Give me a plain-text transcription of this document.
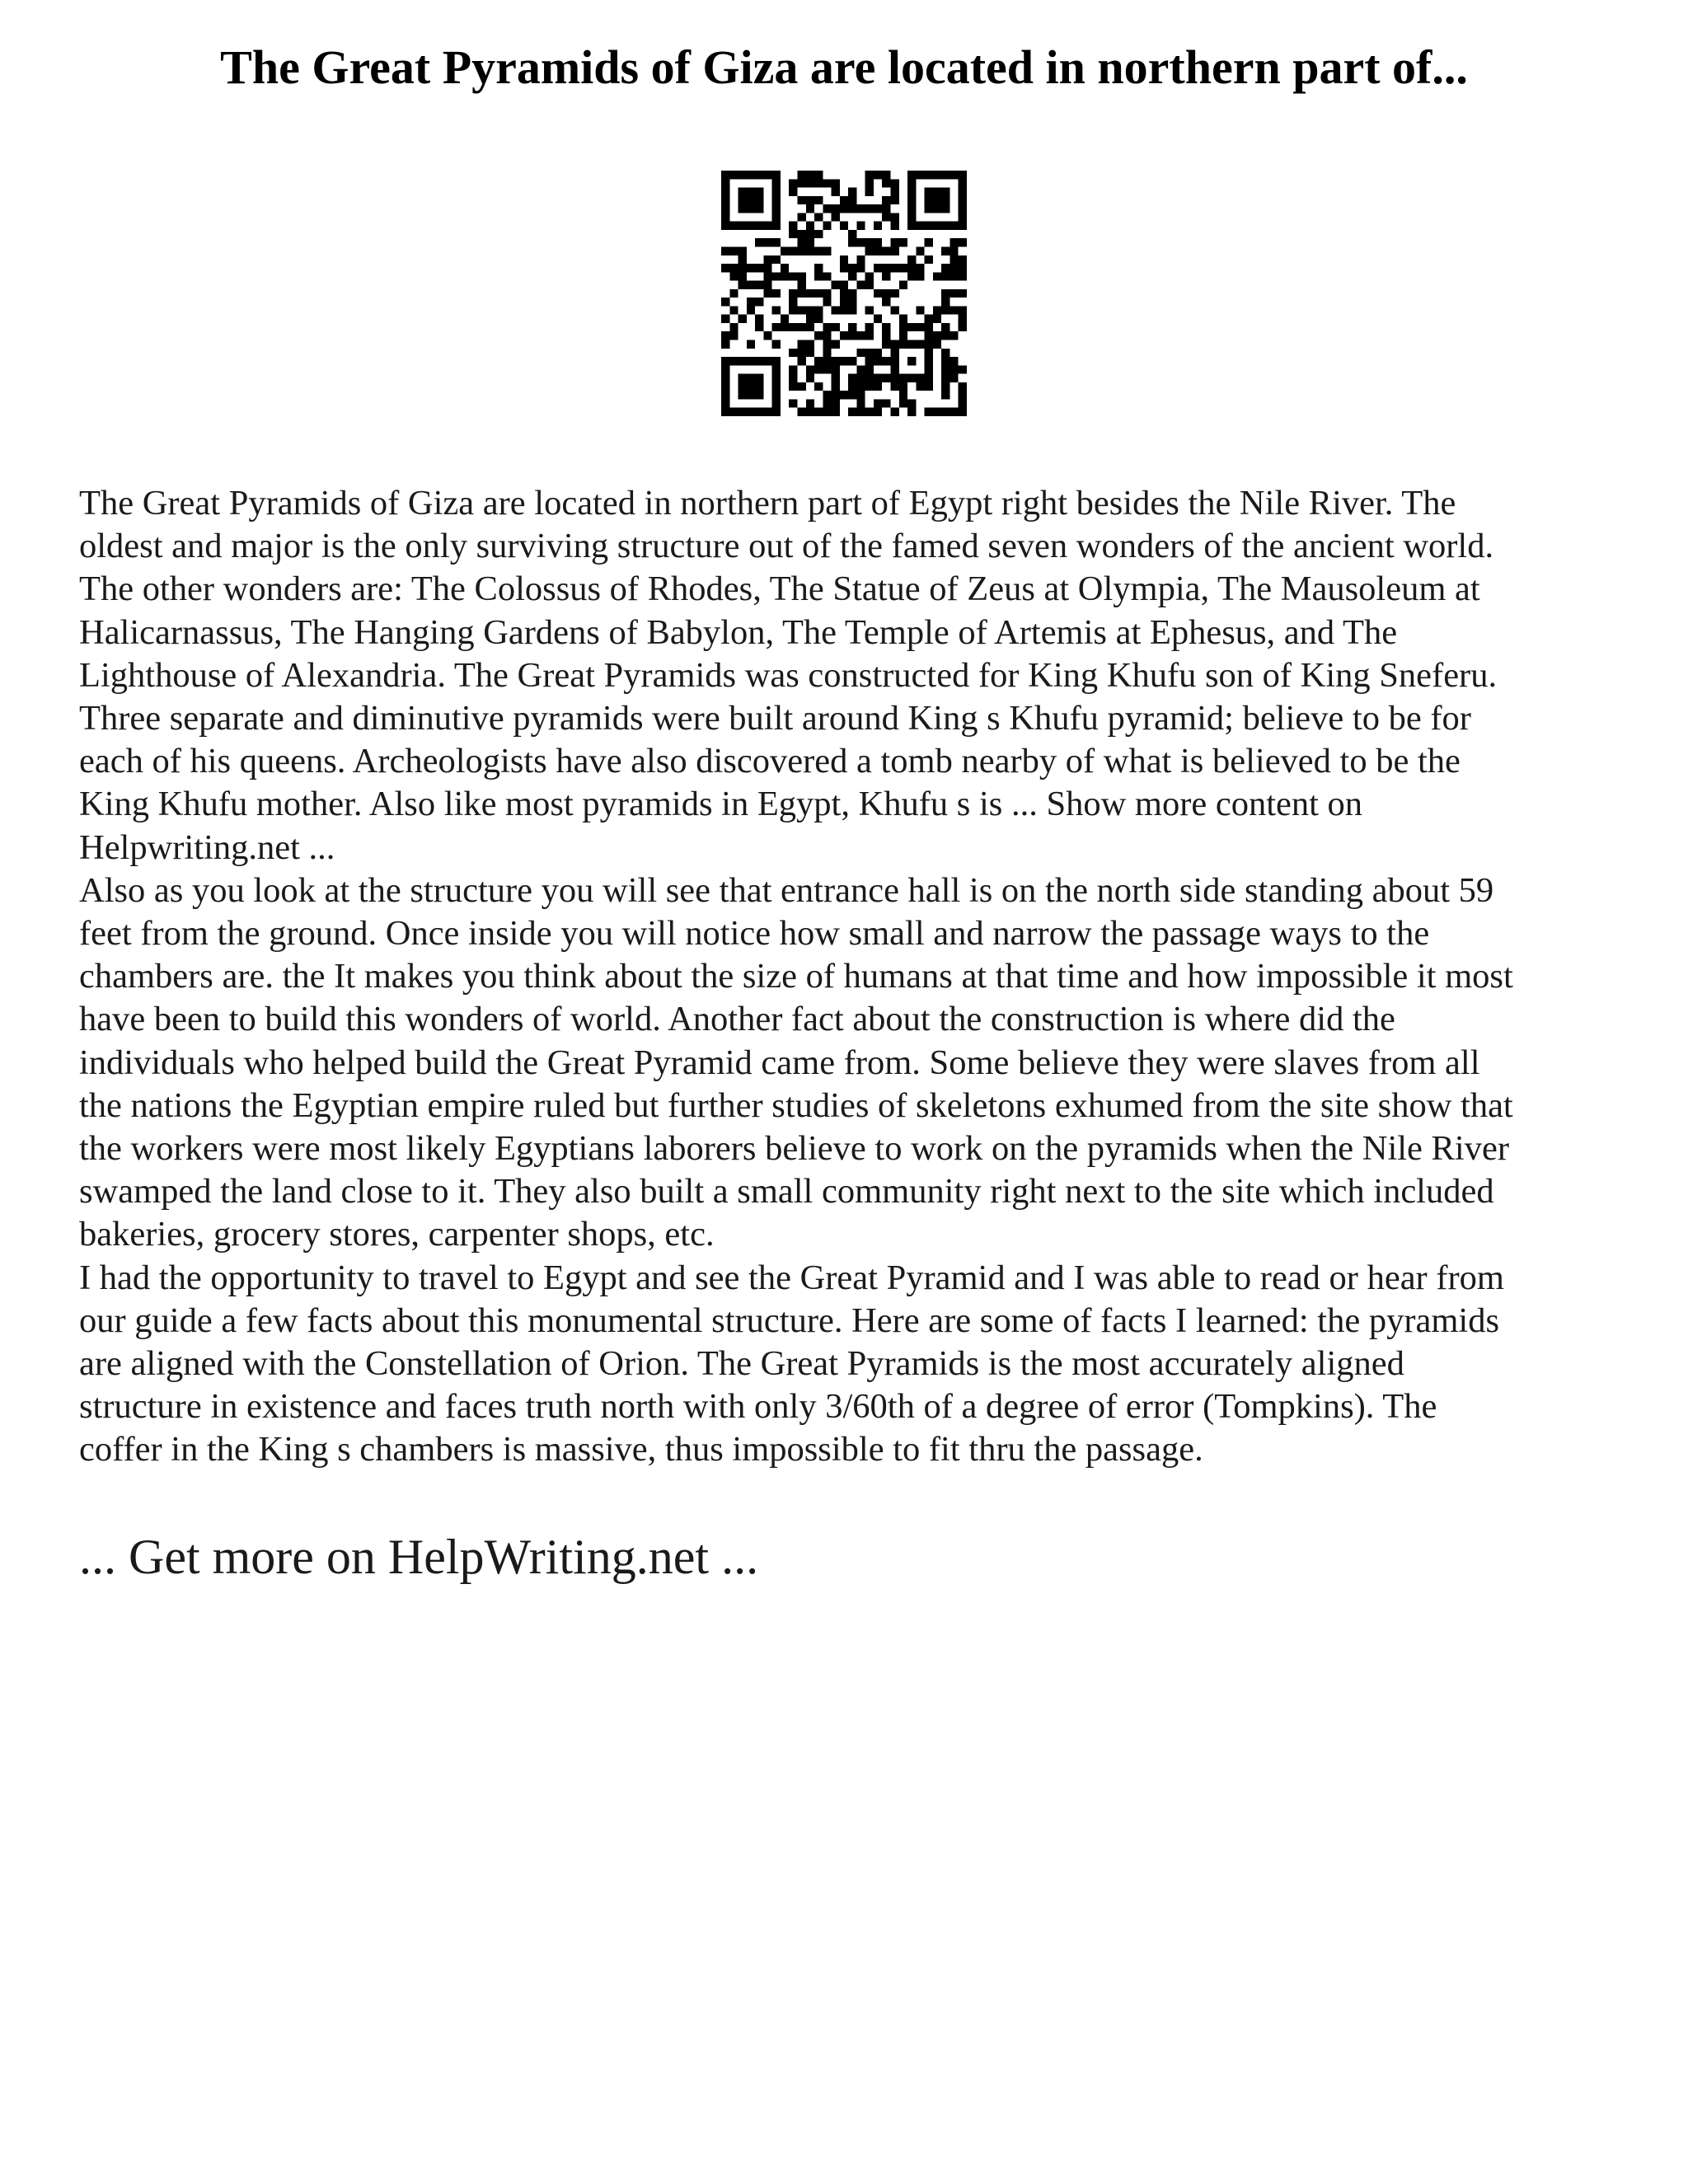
The Great Pyramids of Giza are located in northern part of...

The Great Pyramids of Giza are located in northern part of Egypt right besides the Nile River. The
oldest and major is the only surviving structure out of the famed seven wonders of the ancient world.
The other wonders are: The Colossus of Rhodes, The Statue of Zeus at Olympia, The Mausoleum at
Halicarnassus, The Hanging Gardens of Babylon, The Temple of Artemis at Ephesus, and The
Lighthouse of Alexandria. The Great Pyramids was constructed for King Khufu son of King Sneferu.
Three separate and diminutive pyramids were built around King s Khufu pyramid; believe to be for
each of his queens. Archeologists have also discovered a tomb nearby of what is believed to be the
King Khufu mother. Also like most pyramids in Egypt, Khufu s is ... Show more content on
Helpwriting.net ...

Also as you look at the structure you will see that entrance hall is on the north side standing about 59
feet from the ground. Once inside you will notice how small and narrow the passage ways to the
chambers are. the It makes you think about the size of humans at that time and how impossible it most
have been to build this wonders of world. Another fact about the construction is where did the
individuals who helped build the Great Pyramid came from. Some believe they were slaves from all
the nations the Egyptian empire ruled but further studies of skeletons exhumed from the site show that
the workers were most likely Egyptians laborers believe to work on the pyramids when the Nile River
swamped the land close to it. They also built a small community right next to the site which included
bakeries, grocery stores, carpenter shops, etc.

I had the opportunity to travel to Egypt and see the Great Pyramid and I was able to read or hear from
our guide a few facts about this monumental structure. Here are some of facts I learned: the pyramids
are aligned with the Constellation of Orion. The Great Pyramids is the most accurately aligned
structure in existence and faces truth north with only 3/60th of a degree of error (Tompkins). The
coffer in the King s chambers is massive, thus impossible to fit thru the passage.

... Get more on HelpWriting.net ...
